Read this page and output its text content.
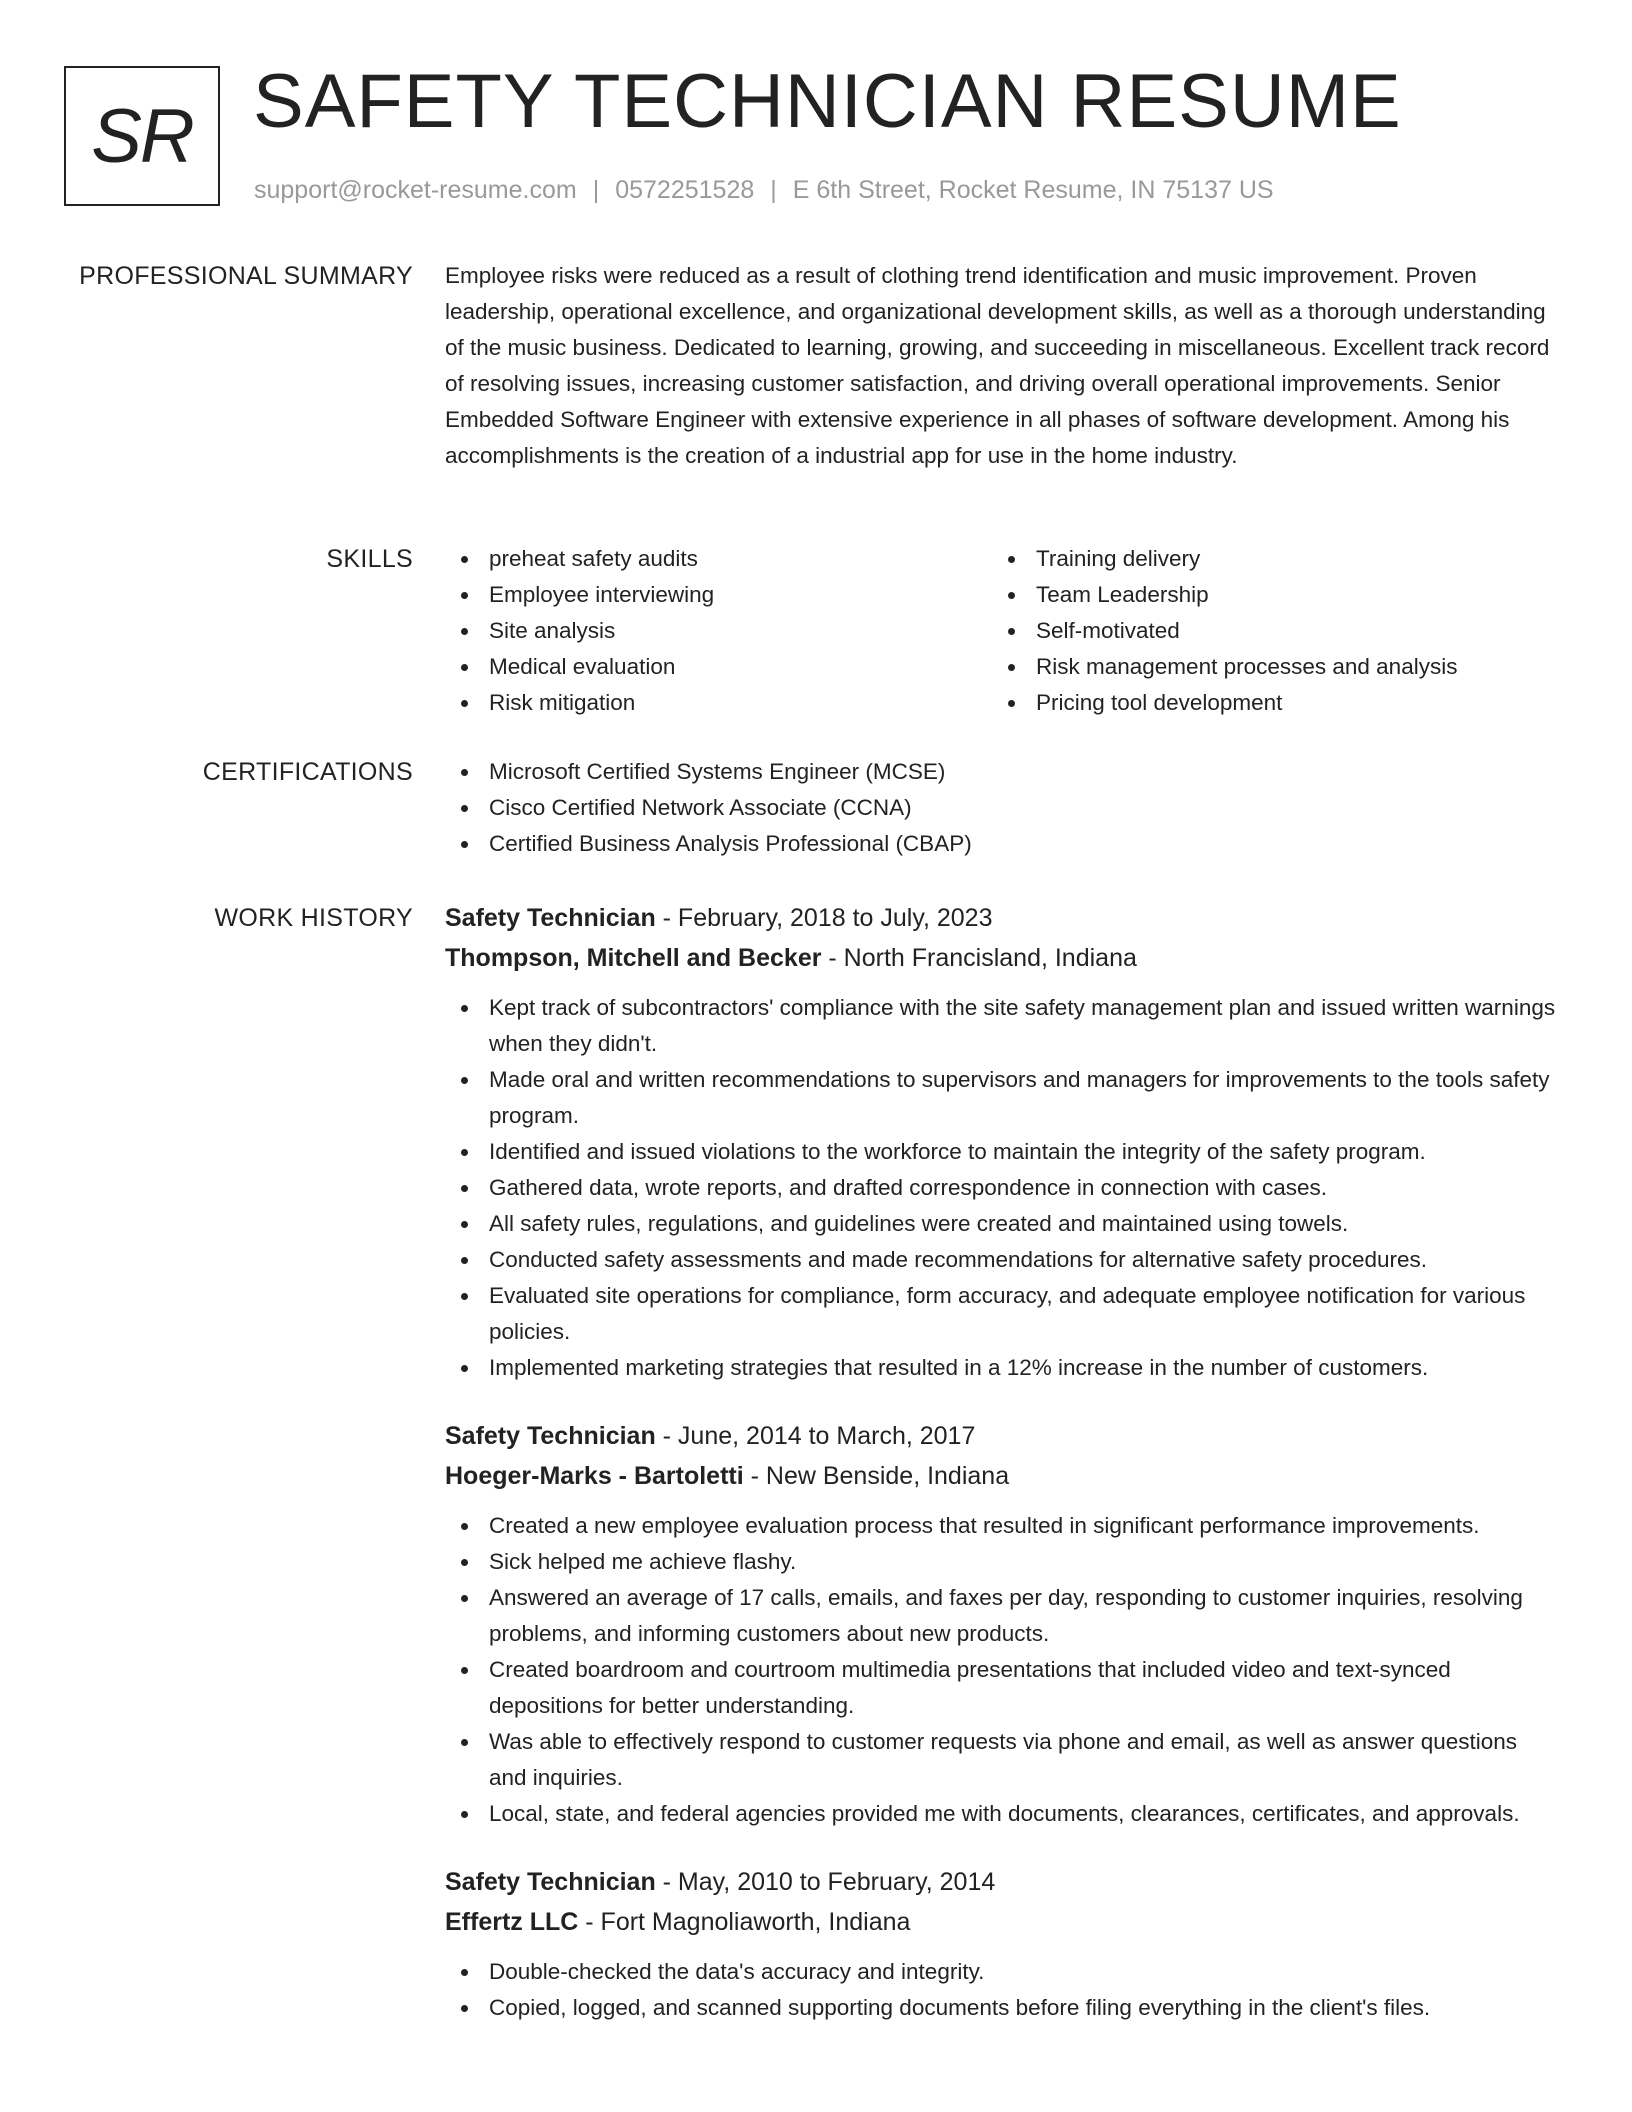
SR SAFETY TECHNICIAN RESUME
support@rocket-resume.com | 0572251528 | E 6th Street, Rocket Resume, IN 75137 US
PROFESSIONAL SUMMARY Employee risks were reduced as a result of clothing trend identification and music improvement. Proven leadership, operational excellence, and organizational development skills, as well as a thorough understanding of the music business. Dedicated to learning, growing, and succeeding in miscellaneous. Excellent track record of resolving issues, increasing customer satisfaction, and driving overall operational improvements. Senior Embedded Software Engineer with extensive experience in all phases of software development. Among his accomplishments is the creation of a industrial app for use in the home industry.

SKILLS	preheat safety audits
Employee interviewing
Site analysis
Medical evaluation
Risk mitigation
Training delivery
Team Leadership
Self-motivated
Risk management processes and analysis
Pricing tool development
CERTIFICATIONS	Microsoft Certified Systems Engineer (MCSE)
Cisco Certified Network Associate (CCNA)
Certified Business Analysis Professional (CBAP)
WORK HISTORY Safety Technician - February, 2018 to July, 2023
Thompson, Mitchell and Becker - North Francisland, Indiana
Kept track of subcontractors' compliance with the site safety management plan and issued written warnings when they didn't.
Made oral and written recommendations to supervisors and managers for improvements to the tools safety program.
Identified and issued violations to the workforce to maintain the integrity of the safety program.
Gathered data, wrote reports, and drafted correspondence in connection with cases.
All safety rules, regulations, and guidelines were created and maintained using towels.
Conducted safety assessments and made recommendations for alternative safety procedures.
Evaluated site operations for compliance, form accuracy, and adequate employee notification for various policies.
Implemented marketing strategies that resulted in a 12% increase in the number of customers.
Safety Technician - June, 2014 to March, 2017
Hoeger-Marks - Bartoletti - New Benside, Indiana
Created a new employee evaluation process that resulted in significant performance improvements.
Sick helped me achieve flashy.
Answered an average of 17 calls, emails, and faxes per day, responding to customer inquiries, resolving problems, and informing customers about new products.
Created boardroom and courtroom multimedia presentations that included video and text-synced depositions for better understanding.
Was able to effectively respond to customer requests via phone and email, as well as answer questions and inquiries.
Local, state, and federal agencies provided me with documents, clearances, certificates, and approvals.
Safety Technician - May, 2010 to February, 2014
Effertz LLC - Fort Magnoliaworth, Indiana
Double-checked the data's accuracy and integrity.
Copied, logged, and scanned supporting documents before filing everything in the client's files.
